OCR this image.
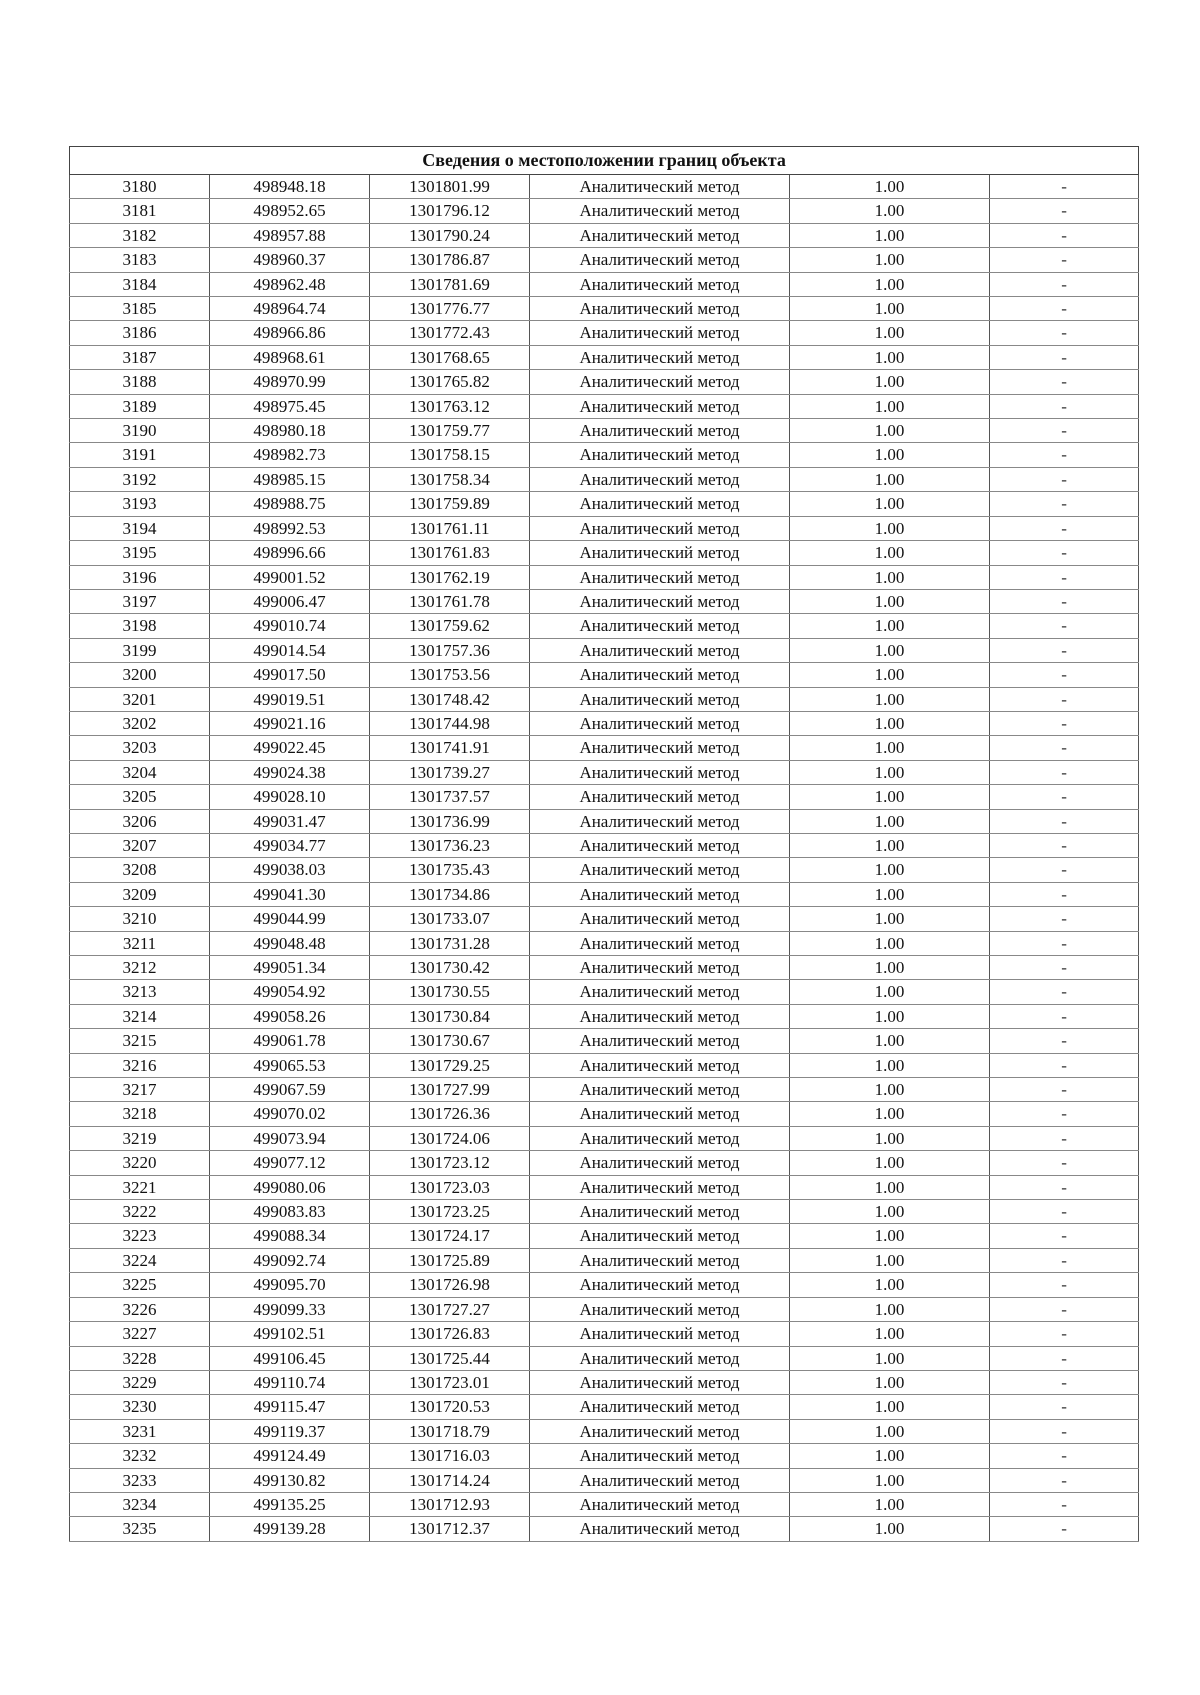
Сведения о местоположении границ объекта					
3180	498948.18	1301801.99	Аналитический метод	1.00	-
3181	498952.65	1301796.12	Аналитический метод	1.00	-
3182	498957.88	1301790.24	Аналитический метод	1.00	-
3183	498960.37	1301786.87	Аналитический метод	1.00	-
3184	498962.48	1301781.69	Аналитический метод	1.00	-
3185	498964.74	1301776.77	Аналитический метод	1.00	-
3186	498966.86	1301772.43	Аналитический метод	1.00	-
3187	498968.61	1301768.65	Аналитический метод	1.00	-
3188	498970.99	1301765.82	Аналитический метод	1.00	-
3189	498975.45	1301763.12	Аналитический метод	1.00	-
3190	498980.18	1301759.77	Аналитический метод	1.00	-
3191	498982.73	1301758.15	Аналитический метод	1.00	-
3192	498985.15	1301758.34	Аналитический метод	1.00	-
3193	498988.75	1301759.89	Аналитический метод	1.00	-
3194	498992.53	1301761.11	Аналитический метод	1.00	-
3195	498996.66	1301761.83	Аналитический метод	1.00	-
3196	499001.52	1301762.19	Аналитический метод	1.00	-
3197	499006.47	1301761.78	Аналитический метод	1.00	-
3198	499010.74	1301759.62	Аналитический метод	1.00	-
3199	499014.54	1301757.36	Аналитический метод	1.00	-
3200	499017.50	1301753.56	Аналитический метод	1.00	-
3201	499019.51	1301748.42	Аналитический метод	1.00	-
3202	499021.16	1301744.98	Аналитический метод	1.00	-
3203	499022.45	1301741.91	Аналитический метод	1.00	-
3204	499024.38	1301739.27	Аналитический метод	1.00	-
3205	499028.10	1301737.57	Аналитический метод	1.00	-
3206	499031.47	1301736.99	Аналитический метод	1.00	-
3207	499034.77	1301736.23	Аналитический метод	1.00	-
3208	499038.03	1301735.43	Аналитический метод	1.00	-
3209	499041.30	1301734.86	Аналитический метод	1.00	-
3210	499044.99	1301733.07	Аналитический метод	1.00	-
3211	499048.48	1301731.28	Аналитический метод	1.00	-
3212	499051.34	1301730.42	Аналитический метод	1.00	-
3213	499054.92	1301730.55	Аналитический метод	1.00	-
3214	499058.26	1301730.84	Аналитический метод	1.00	-
3215	499061.78	1301730.67	Аналитический метод	1.00	-
3216	499065.53	1301729.25	Аналитический метод	1.00	-
3217	499067.59	1301727.99	Аналитический метод	1.00	-
3218	499070.02	1301726.36	Аналитический метод	1.00	-
3219	499073.94	1301724.06	Аналитический метод	1.00	-
3220	499077.12	1301723.12	Аналитический метод	1.00	-
3221	499080.06	1301723.03	Аналитический метод	1.00	-
3222	499083.83	1301723.25	Аналитический метод	1.00	-
3223	499088.34	1301724.17	Аналитический метод	1.00	-
3224	499092.74	1301725.89	Аналитический метод	1.00	-
3225	499095.70	1301726.98	Аналитический метод	1.00	-
3226	499099.33	1301727.27	Аналитический метод	1.00	-
3227	499102.51	1301726.83	Аналитический метод	1.00	-
3228	499106.45	1301725.44	Аналитический метод	1.00	-
3229	499110.74	1301723.01	Аналитический метод	1.00	-
3230	499115.47	1301720.53	Аналитический метод	1.00	-
3231	499119.37	1301718.79	Аналитический метод	1.00	-
3232	499124.49	1301716.03	Аналитический метод	1.00	-
3233	499130.82	1301714.24	Аналитический метод	1.00	-
3234	499135.25	1301712.93	Аналитический метод	1.00	-
3235	499139.28	1301712.37	Аналитический метод	1.00	-
